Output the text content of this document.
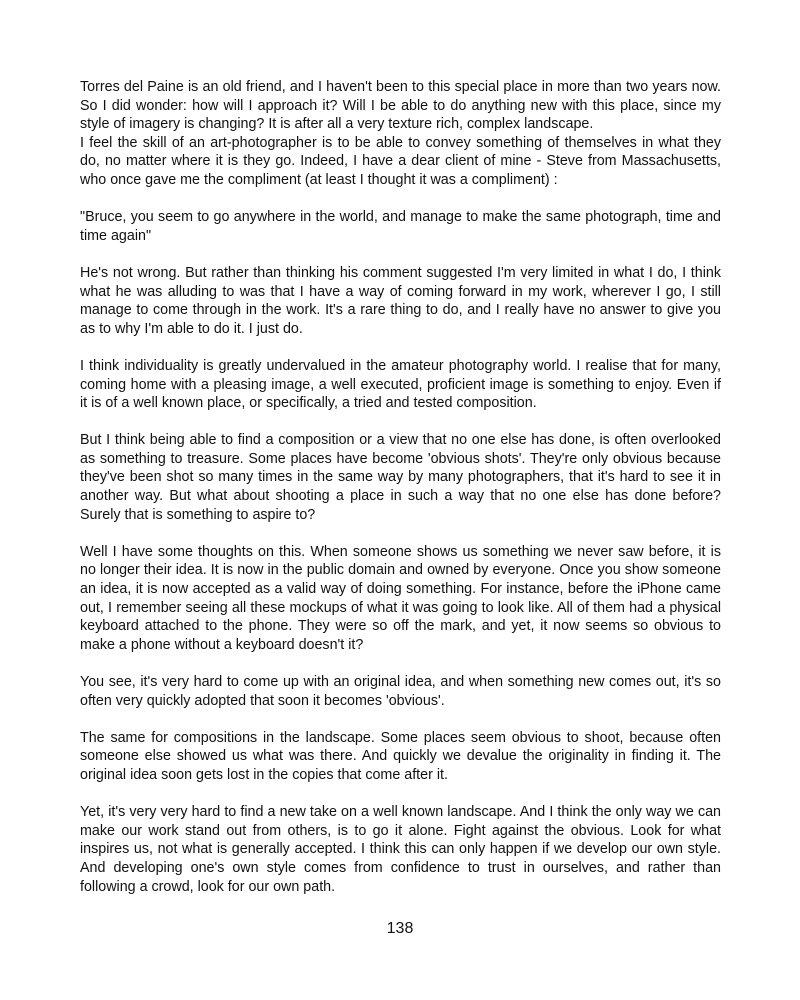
Torres del Paine is an old friend, and I haven't been to this special place in more than two years now. So I did wonder: how will I approach it? Will I be able to do anything new with this place, since my style of imagery is changing? It is after all a very texture rich, complex landscape.

I feel the skill of an art-photographer is to be able to convey something of themselves in what they do, no matter where it is they go. Indeed, I have a dear client of mine - Steve from Massachusetts, who once gave me the compliment (at least I thought it was a compliment) :

"Bruce, you seem to go anywhere in the world, and manage to make the same photograph, time and time again"

He's not wrong. But rather than thinking his comment suggested I'm very limited in what I do, I think what he was alluding to was that I have a way of coming forward in my work, wherever I go, I still manage to come through in the work. It's a rare thing to do, and I really have no answer to give you as to why I'm able to do it. I just do.

I think individuality is greatly undervalued in the amateur photography world. I realise that for many, coming home with a pleasing image, a well executed, proficient image is something to enjoy. Even if it is of a well known place, or specifically, a tried and tested composition.

But I think being able to find a composition or a view that no one else has done, is often overlooked as something to treasure. Some places have become 'obvious shots'. They're only obvious because they've been shot so many times in the same way by many photographers, that it's hard to see it in another way. But what about shooting a place in such a way that no one else has done before? Surely that is something to aspire to?

Well I have some thoughts on this. When someone shows us something we never saw before, it is no longer their idea. It is now in the public domain and owned by everyone. Once you show someone an idea, it is now accepted as a valid way of doing something. For instance, before the iPhone came out, I remember seeing all these mockups of what it was going to look like. All of them had a physical keyboard attached to the phone. They were so off the mark, and yet, it now seems so obvious to make a phone without a keyboard doesn't it?

You see, it's very hard to come up with an original idea, and when something new comes out, it's so often very quickly adopted that soon it becomes 'obvious'.

The same for compositions in the landscape. Some places seem obvious to shoot, because often someone else showed us what was there. And quickly we devalue the originality in finding it. The original idea soon gets lost in the copies that come after it.

Yet, it's very very hard to find a new take on a well known landscape. And I think the only way we can make our work stand out from others, is to go it alone. Fight against the obvious. Look for what inspires us, not what is generally accepted. I think this can only happen if we develop our own style. And developing one's own style comes from confidence to trust in ourselves, and rather than following a crowd, look for our own path.

138
